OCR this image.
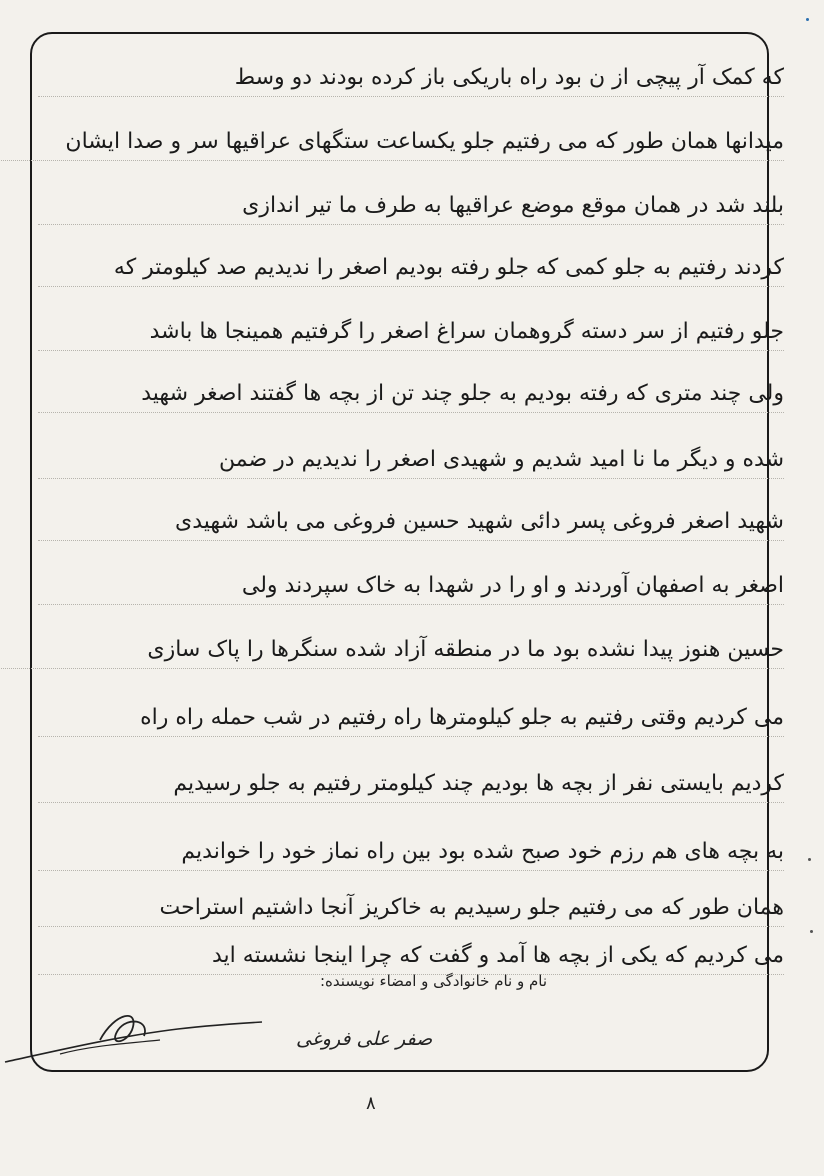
که کمک آر پیچی از ن بود راه باریکی باز کرده بودند دو وسط
میدانها همان طور که می رفتیم جلو یکساعت ستگهای عراقیها سر و صدا ایشان
بلند شد در همان موقع موضع عراقیها به طرف ما تیر اندازی
کردند رفتیم به جلو کمی که جلو رفته بودیم اصغر را ندیدیم صد کیلومتر که
جلو رفتیم از سر دسته گروهمان سراغ اصغر را گرفتیم همینجا ها باشد
ولی چند متری که رفته بودیم به جلو چند تن از بچه ها گفتند اصغر شهید
شده و دیگر ما نا امید شدیم و شهیدی اصغر را ندیدیم در ضمن
شهید اصغر فروغی پسر دائی شهید حسین فروغی می باشد شهیدی
اصغر به اصفهان آوردند و او را در شهدا به خاک سپردند ولی
حسین هنوز پیدا نشده بود ما در منطقه آزاد شده سنگرها را پاک سازی
می کردیم وقتی رفتیم به جلو کیلومترها راه رفتیم در شب حمله راه راه
کردیم بایستی نفر از بچه ها بودیم چند کیلومتر رفتیم به جلو رسیدیم
به بچه های هم رزم خود صبح شده بود بین راه نماز خود را خواندیم
همان طور که می رفتیم جلو رسیدیم به خاکریز آنجا داشتیم استراحت
می کردیم که یکی از بچه ها آمد و گفت که چرا اینجا نشسته اید
نام و نام خانوادگی و امضاء نویسنده:
صفر علی فروغی
۸
